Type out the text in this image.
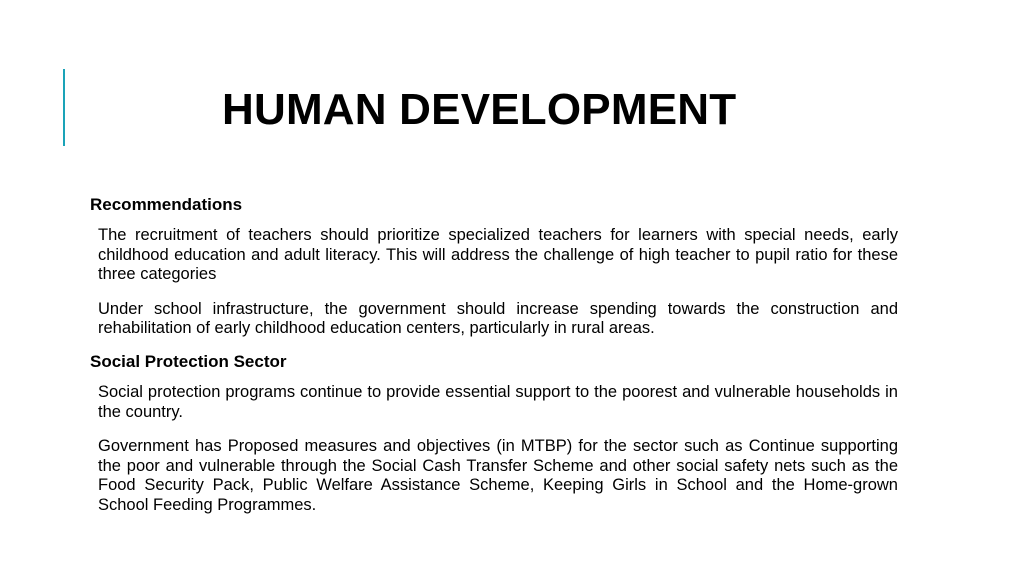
HUMAN DEVELOPMENT
Recommendations

The recruitment of teachers should prioritize specialized teachers for learners with special needs, early childhood education and adult literacy. This will address the challenge of high teacher to pupil ratio for these three categories

Under school infrastructure, the government should increase spending towards the construction and rehabilitation of early childhood education centers, particularly in rural areas.

Social Protection Sector

Social protection programs continue to provide essential support to the poorest and vulnerable households in the country.

Government has Proposed measures and objectives (in MTBP) for the sector such as Continue supporting the poor and vulnerable through the Social Cash Transfer Scheme and other social safety nets such as the Food Security Pack, Public Welfare Assistance Scheme, Keeping Girls in School and the Home-grown School Feeding Programmes.
